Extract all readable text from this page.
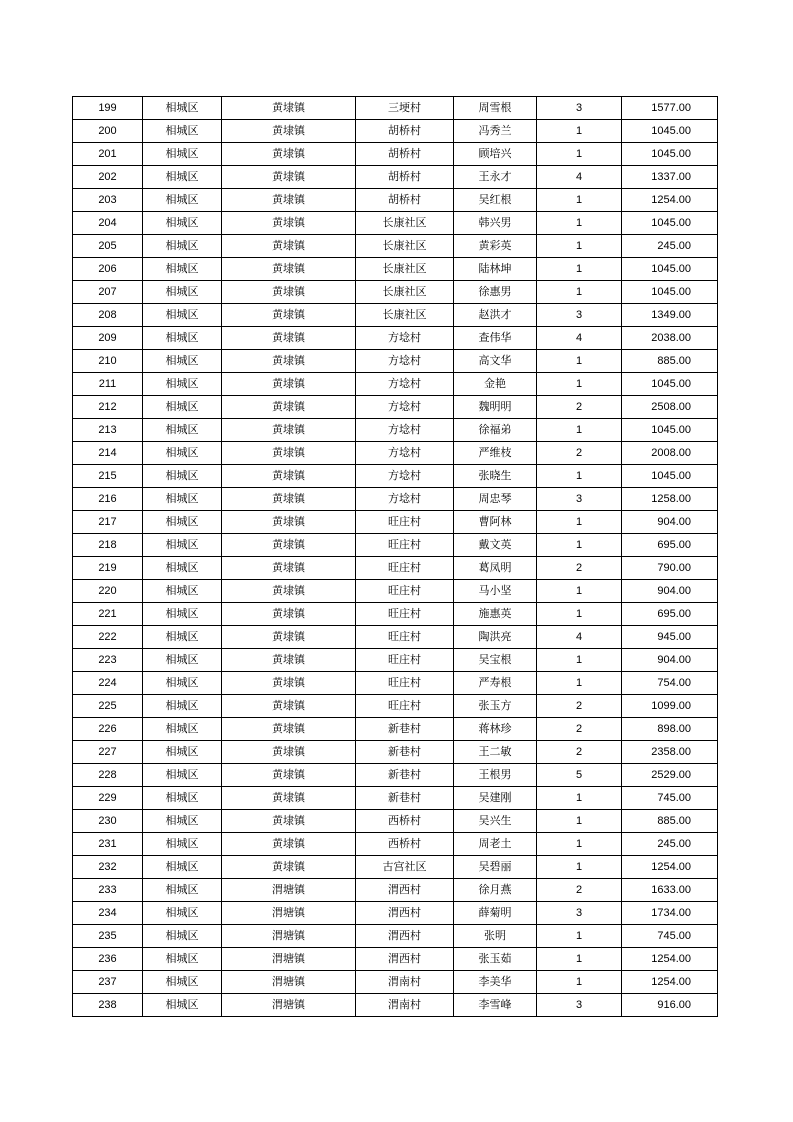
199	相城区	黄埭镇	三埂村	周雪根	3	1577.00
200	相城区	黄埭镇	胡桥村	冯秀兰	1	1045.00
201	相城区	黄埭镇	胡桥村	顾培兴	1	1045.00
202	相城区	黄埭镇	胡桥村	王永才	4	1337.00
203	相城区	黄埭镇	胡桥村	吴红根	1	1254.00
204	相城区	黄埭镇	长康社区	韩兴男	1	1045.00
205	相城区	黄埭镇	长康社区	黄彩英	1	245.00
206	相城区	黄埭镇	长康社区	陆林坤	1	1045.00
207	相城区	黄埭镇	长康社区	徐惠男	1	1045.00
208	相城区	黄埭镇	长康社区	赵洪才	3	1349.00
209	相城区	黄埭镇	方埝村	查伟华	4	2038.00
210	相城区	黄埭镇	方埝村	高文华	1	885.00
211	相城区	黄埭镇	方埝村	金艳	1	1045.00
212	相城区	黄埭镇	方埝村	魏明明	2	2508.00
213	相城区	黄埭镇	方埝村	徐福弟	1	1045.00
214	相城区	黄埭镇	方埝村	严维枝	2	2008.00
215	相城区	黄埭镇	方埝村	张晓生	1	1045.00
216	相城区	黄埭镇	方埝村	周忠琴	3	1258.00
217	相城区	黄埭镇	旺庄村	曹阿林	1	904.00
218	相城区	黄埭镇	旺庄村	戴文英	1	695.00
219	相城区	黄埭镇	旺庄村	葛凤明	2	790.00
220	相城区	黄埭镇	旺庄村	马小坚	1	904.00
221	相城区	黄埭镇	旺庄村	施惠英	1	695.00
222	相城区	黄埭镇	旺庄村	陶洪亮	4	945.00
223	相城区	黄埭镇	旺庄村	吴宝根	1	904.00
224	相城区	黄埭镇	旺庄村	严寿根	1	754.00
225	相城区	黄埭镇	旺庄村	张玉方	2	1099.00
226	相城区	黄埭镇	新巷村	蒋林珍	2	898.00
227	相城区	黄埭镇	新巷村	王二敏	2	2358.00
228	相城区	黄埭镇	新巷村	王根男	5	2529.00
229	相城区	黄埭镇	新巷村	吴建刚	1	745.00
230	相城区	黄埭镇	西桥村	吴兴生	1	885.00
231	相城区	黄埭镇	西桥村	周老土	1	245.00
232	相城区	黄埭镇	古宫社区	吴碧丽	1	1254.00
233	相城区	渭塘镇	渭西村	徐月燕	2	1633.00
234	相城区	渭塘镇	渭西村	薛菊明	3	1734.00
235	相城区	渭塘镇	渭西村	张明	1	745.00
236	相城区	渭塘镇	渭西村	张玉茹	1	1254.00
237	相城区	渭塘镇	渭南村	李美华	1	1254.00
238	相城区	渭塘镇	渭南村	李雪峰	3	916.00
